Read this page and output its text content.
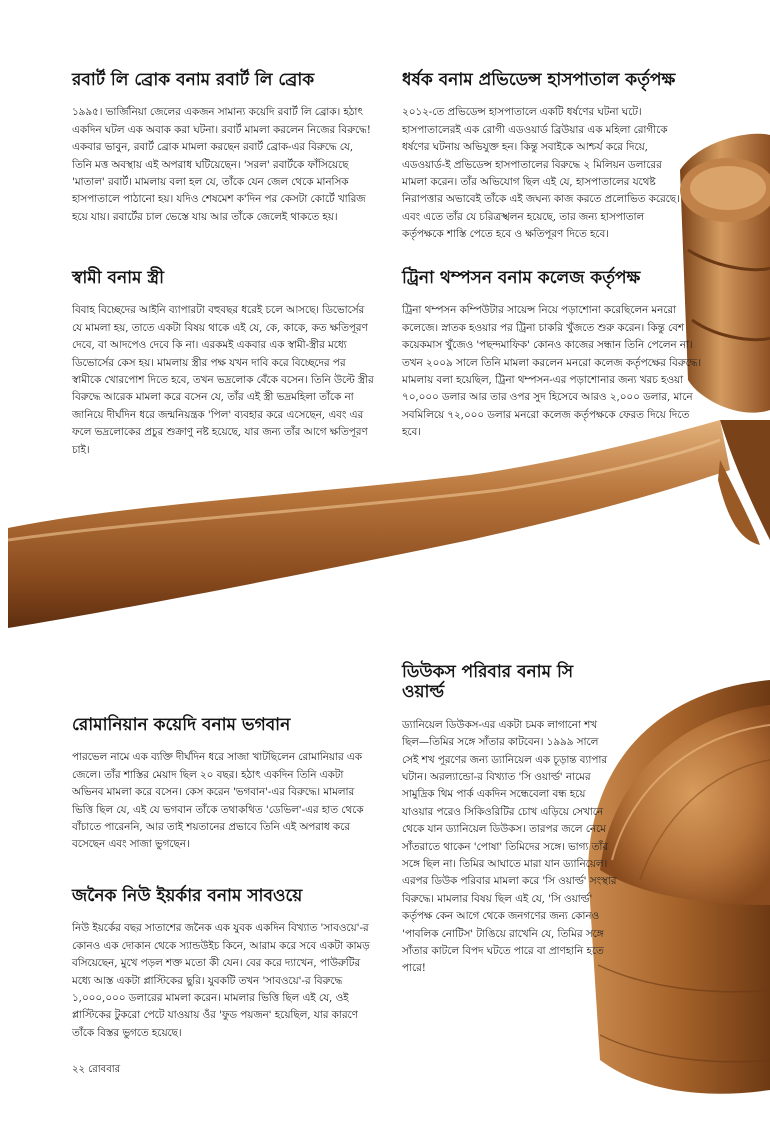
রবার্ট লি ব্রোক বনাম রবার্ট লি ব্রোক

১৯৯৫। ভার্জিনিয়া জেলের একজন সামান্য কয়েদি রবার্ট লি ব্রোক। হঠাৎ একদিন ঘটল এক অবাক করা ঘটনা। রবার্ট মামলা করলেন নিজের বিরুদ্ধে! একবার ভাবুন, রবার্ট ব্রোক মামলা করছেন রবার্ট ব্রোক-এর বিরুদ্ধে যে, তিনি মত্ত অবস্থায় এই অপরাধ ঘটিয়েছেন। 'সরল' রবার্টকে ফাঁসিয়েছে 'মাতাল' রবার্ট। মামলায় বলা হল যে, তাঁকে যেন জেল থেকে মানসিক হাসপাতালে পাঠানো হয়। যদিও শেষমেশ ক'দিন পর কেসটা কোর্টে খারিজ হয়ে যায়। রবার্টের চাল ভেস্তে যায় আর তাঁকে জেলেই থাকতে হয়।

স্বামী বনাম স্ত্রী

বিবাহ বিচ্ছেদের আইনি ব্যাপারটা বহুবছর ধরেই চলে আসছে। ডিভোর্সের যে মামলা হয়, তাতে একটা বিষয় থাকে এই যে, কে, কাকে, কত ক্ষতিপূরণ দেবে, বা আদপেও দেবে কি না। এরকমই একবার এক স্বামী-স্ত্রীর মধ্যে ডিভোর্সের কেস হয়। মামলায় স্ত্রীর পক্ষ যখন দাবি করে বিচ্ছেদের পর স্বামীকে খোরপোশ দিতে হবে, তখন ভদ্রলোক বেঁকে বসেন। তিনি উল্টে স্ত্রীর বিরুদ্ধে আরেক মামলা করে বসেন যে, তাঁর এই স্ত্রী ভদ্রমহিলা তাঁকে না জানিয়ে দীর্ঘদিন ধরে জন্মনিয়ন্ত্রক 'পিল' ব্যবহার করে এসেছেন, এবং এর ফলে ভদ্রলোকের প্রচুর শুক্রাণু নষ্ট হয়েছে, যার জন্য তাঁর আগে ক্ষতিপূরণ চাই।

ধর্ষক বনাম প্রভিডেন্স হাসপাতাল কর্তৃপক্ষ

২০১২-তে প্রভিডেন্স হাসপাতালে একটি ধর্ষণের ঘটনা ঘটে। হাসপাতালেরই এক রোগী এডওয়ার্ড ব্রিউয়ার এক মহিলা রোগীকে ধর্ষণের ঘটনায় অভিযুক্ত হন। কিন্তু সবাইকে আশ্চর্য করে দিয়ে, এডওয়ার্ড-ই প্রভিডেন্স হাসপাতালের বিরুদ্ধে ২ মিলিয়ন ডলারের মামলা করেন। তাঁর অভিযোগ ছিল এই যে, হাসপাতালের যথেষ্ট নিরাপত্তার অভাবেই তাঁকে এই জঘন্য কাজ করতে প্রলোভিত করেছে। এবং এতে তাঁর যে চরিত্রস্খলন হয়েছে, তার জন্য হাসপাতাল কর্তৃপক্ষকে শাস্তি পেতে হবে ও ক্ষতিপূরণ দিতে হবে।

ট্রিনা থম্পসন বনাম কলেজ কর্তৃপক্ষ

ট্রিনা থম্পসন কম্পিউটার সায়েন্স নিয়ে পড়াশোনা করেছিলেন মনরো কলেজে। স্নাতক হওয়ার পর ট্রিনা চাকরি খুঁজতে শুরু করেন। কিন্তু বেশ কয়েকমাস খুঁজেও 'পছন্দমাফিক' কোনও কাজের সন্ধান তিনি পেলেন না। তখন ২০০৯ সালে তিনি মামলা করলেন মনরো কলেজ কর্তৃপক্ষের বিরুদ্ধে। মামলায় বলা হয়েছিল, ট্রিনা থম্পসন-এর পড়াশোনার জন্য খরচ হওয়া ৭০,০০০ ডলার আর তার ওপর সুদ হিসেবে আরও ২,০০০ ডলার, মানে সবমিলিয়ে ৭২,০০০ ডলার মনরো কলেজ কর্তৃপক্ষকে ফেরত দিয়ে দিতে হবে।

রোমানিয়ান কয়েদি বনাম ভগবান

পারভেল নামে এক ব্যক্তি দীর্ঘদিন ধরে সাজা খাটছিলেন রোমানিয়ার এক জেলে। তাঁর শাস্তির মেয়াদ ছিল ২০ বছর। হঠাৎ একদিন তিনি একটা অভিনব মামলা করে বসেন। কেস করেন 'ভগবান'-এর বিরুদ্ধে। মামলার ভিত্তি ছিল যে, এই যে ভগবান তাঁকে তথাকথিত 'ডেভিল'-এর হাত থেকে বাঁচাতে পারেননি, আর তাই শয়তানের প্রভাবে তিনি এই অপরাধ করে বসেছেন এবং সাজা ভুগছেন।

জনৈক নিউ ইয়র্কার বনাম সাবওয়ে

নিউ ইয়র্কের বছর সাতাশের জনৈক এক যুবক একদিন বিখ্যাত 'সাবওয়ে'-র কোনও এক দোকান থেকে স্যান্ডউইচ কিনে, আরাম করে সবে একটা কামড় বসিয়েছেন, মুখে পড়ল শক্ত মতো কী যেন। বের করে দ্যাখেন, পাউরুটির মধ্যে আস্ত একটা প্লাস্টিকের ছুরি। যুবকটি তখন 'সাবওয়ে'-র বিরুদ্ধে ১,০০০,০০০ ডলারের মামলা করেন। মামলার ভিত্তি ছিল এই যে, ওই প্লাস্টিকের টুকরো পেটে যাওয়ায় ওঁর 'ফুড পয়জন' হয়েছিল, যার কারণে তাঁকে বিস্তর ভুগতে হয়েছে।

ডিউকস পরিবার বনাম সি ওয়ার্ল্ড

ড্যানিয়েল ডিউকস-এর একটা চমক লাগানো শখ ছিল—তিমির সঙ্গে সাঁতার কাটবেন। ১৯৯৯ সালে সেই শখ পূরণের জন্য ড্যানিয়েল এক চূড়ান্ত ব্যাপার ঘটান। অরল্যান্ডো-র বিখ্যাত 'সি ওয়ার্ল্ড' নামের সামুদ্রিক থিম পার্ক একদিন সন্ধেবেলা বন্ধ হয়ে যাওয়ার পরেও সিকিওরিটির চোখ এড়িয়ে সেখানে থেকে যান ড্যানিয়েল ডিউকস। তারপর জলে নেমে সাঁতরাতে থাকেন 'পোষা' তিমিদের সঙ্গে। ভাগ্য তাঁর সঙ্গে ছিল না। তিমির আঘাতে মারা যান ড্যানিয়েল। এরপর ডিউক পরিবার মামলা করে 'সি ওয়ার্ল্ড' সংস্থার বিরুদ্ধে। মামলার বিষয় ছিল এই যে, 'সি ওয়ার্ল্ড' কর্তৃপক্ষ কেন আগে থেকে জনগণের জন্য কোনও 'পাবলিক নোটিস' টাঙিয়ে রাখেনি যে, তিমির সঙ্গে সাঁতার কাটলে বিপদ ঘটতে পারে বা প্রাণহানি হতে পারে!

২২ রোববার
